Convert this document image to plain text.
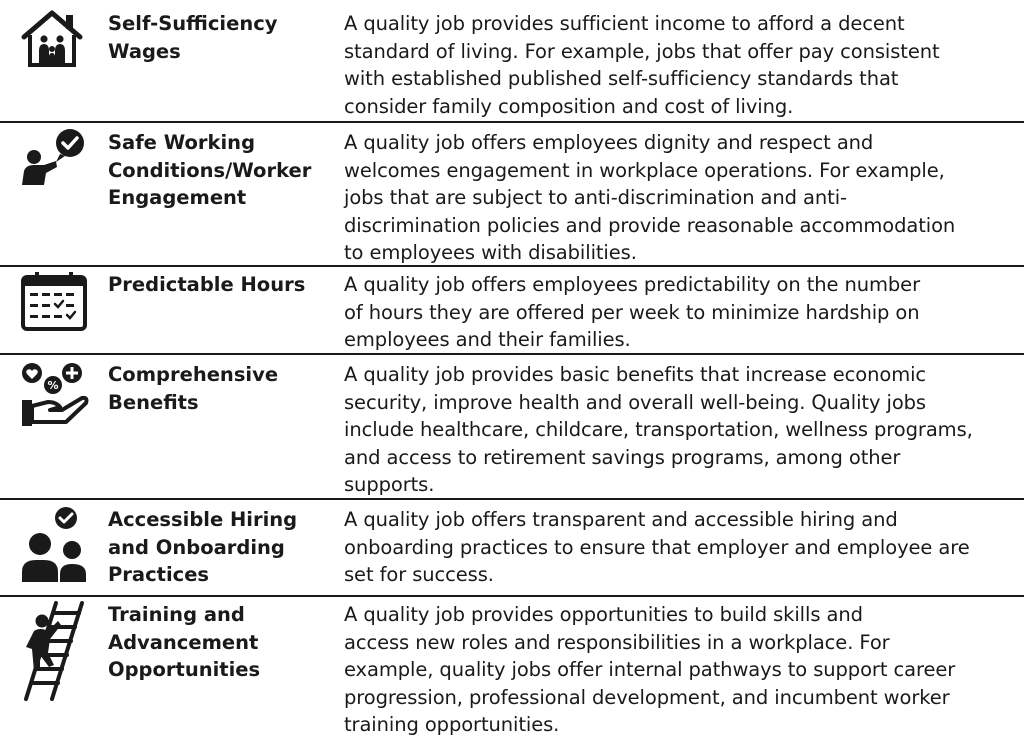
Self-Sufficiency
Wages
A quality job provides sufficient income to afford a decent
standard of living. For example, jobs that offer pay consistent
with established published self-sufficiency standards that
consider family composition and cost of living.
Safe Working
Conditions/Worker
Engagement
A quality job offers employees dignity and respect and
welcomes engagement in workplace operations. For example,
jobs that are subject to anti-discrimination and anti-
discrimination policies and provide reasonable accommodation
to employees with disabilities.
Predictable Hours	A quality job offers employees predictability on the number
of hours they are offered per week to minimize hardship on
employees and their families.
%	Comprehensive
Benefits
A quality job provides basic benefits that increase economic
security, improve health and overall well-being. Quality jobs
include healthcare, childcare, transportation, wellness programs,
and access to retirement savings programs, among other
supports.
Accessible Hiring
and Onboarding
Practices
A quality job offers transparent and accessible hiring and
onboarding practices to ensure that employer and employee are
set for success.
Training and
Advancement
Opportunities
A quality job provides opportunities to build skills and
access new roles and responsibilities in a workplace. For
example, quality jobs offer internal pathways to support career
progression, professional development, and incumbent worker
training opportunities.
